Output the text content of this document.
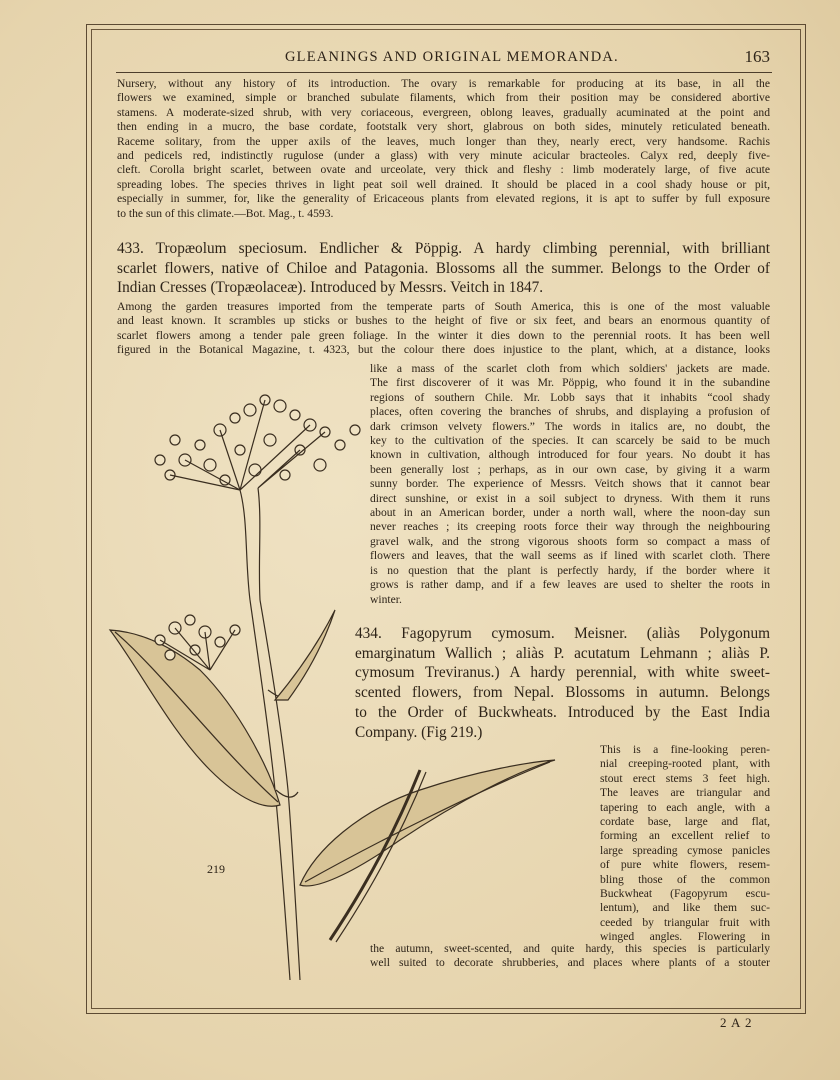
GLEANINGS AND ORIGINAL MEMORANDA.	163
Nursery, without any history of its introduction. The ovary is remarkable for producing at its base, in all the
flowers we examined, simple or branched subulate filaments, which from their position may be considered abortive
stamens. A moderate-sized shrub, with very coriaceous, evergreen, oblong leaves, gradually acuminated at the point and
then ending in a mucro, the base cordate, footstalk very short, glabrous on both sides, minutely reticulated beneath.
Raceme solitary, from the upper axils of the leaves, much longer than they, nearly erect, very handsome. Rachis
and pedicels red, indistinctly rugulose (under a glass) with very minute acicular bracteoles. Calyx red, deeply five-
cleft. Corolla bright scarlet, between ovate and urceolate, very thick and fleshy : limb moderately large, of five acute
spreading lobes. The species thrives in light peat soil well drained. It should be placed in a cool shady house or pit,
especially in summer, for, like the generality of Ericaceous plants from elevated regions, it is apt to suffer by full exposure
to the sun of this climate.—Bot. Mag., t. 4593.
433. Tropæolum speciosum. Endlicher & Pöppig. A hardy climbing perennial, with brilliant
scarlet flowers, native of Chiloe and Patagonia. Blossoms all the summer. Belongs to the Order of
Indian Cresses (Tropæolaceæ). Introduced by Messrs. Veitch in 1847.
Among the garden treasures imported from the temperate parts of South America, this is one of the most valuable
and least known. It scrambles up sticks or bushes to the height of five or six feet, and bears an enormous quantity of
scarlet flowers among a tender pale green foliage. In the winter it dies down to the perennial roots. It has been well
figured in the Botanical Magazine, t. 4323, but the colour there does injustice to the plant, which, at a distance, looks
like a mass of the scarlet cloth from which soldiers' jackets are made.
The first discoverer of it was Mr. Pöppig, who found it in the subandine
regions of southern Chile. Mr. Lobb says that it inhabits “cool shady
places, often covering the branches of shrubs, and displaying a profusion of
dark crimson velvety flowers.” The words in italics are, no doubt, the
key to the cultivation of the species. It can scarcely be said to be much
known in cultivation, although introduced for four years. No doubt it has
been generally lost ; perhaps, as in our own case, by giving it a warm
sunny border. The experience of Messrs. Veitch shows that it cannot bear
direct sunshine, or exist in a soil subject to dryness. With them it runs
about in an American border, under a north wall, where the noon-day sun
never reaches ; its creeping roots force their way through the neighbouring
gravel walk, and the strong vigorous shoots form so compact a mass of
flowers and leaves, that the wall seems as if lined with scarlet cloth. There
is no question that the plant is perfectly hardy, if the border where it
grows is rather damp, and if a few leaves are used to shelter the roots in
winter.
434. Fagopyrum cymosum. Meisner. (aliàs Polygonum
emarginatum Wallich ; aliàs P. acutatum Lehmann ; aliàs P.
cymosum Treviranus.) A hardy perennial, with white sweet-
scented flowers, from Nepal. Blossoms in autumn. Belongs
to the Order of Buckwheats. Introduced by the East India
Company. (Fig 219.)
This is a fine-looking peren-
nial creeping-rooted plant, with
stout erect stems 3 feet high.
The leaves are triangular and
tapering to each angle, with a
cordate base, large and flat,
forming an excellent relief to
large spreading cymose panicles
of pure white flowers, resem-
bling those of the common
Buckwheat (Fagopyrum escu-
lentum), and like them suc-
ceeded by triangular fruit with
winged angles. Flowering in
the autumn, sweet-scented, and quite hardy, this species is particularly
well suited to decorate shrubberies, and places where plants of a stouter
219
2 A 2
